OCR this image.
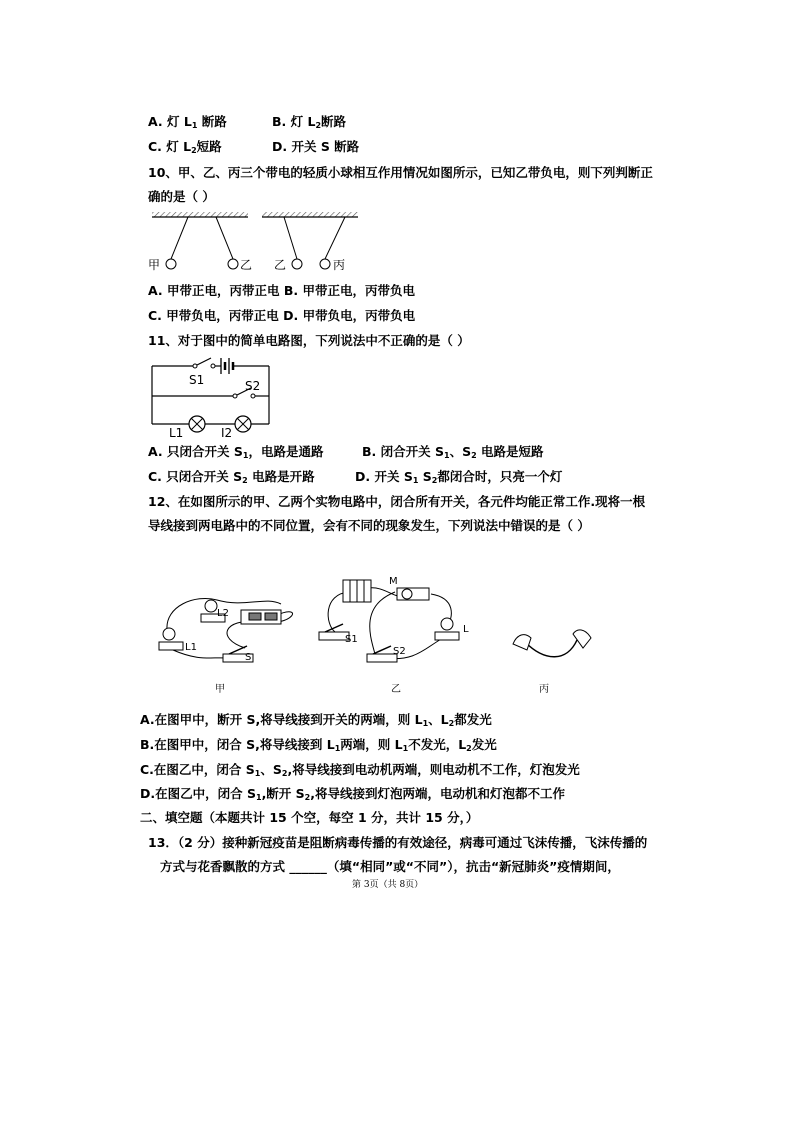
A. 灯 $L_1$ 断路	B. 灯 $L_2$断路
C. 灯 $L_2$短路	D. 开关 S 断路
10、甲、乙、丙三个带电的轻质小球相互作用情况如图所示，已知乙带负电，则下列判断正
确的是（ ）
甲	乙 乙	丙
A. 甲带正电，丙带正电 B. 甲带正电，丙带负电
C. 甲带负电，丙带正电 D. 甲带负电，丙带负电
11、对于图中的简单电路图，下列说法中不正确的是（ ）
S1	S2
L1	I2
A. 只闭合开关 $S_1$，电路是通路	B. 闭合开关 $S_1$、$S_2$ 电路是短路
C. 只闭合开关 $S_2$ 电路是开路	D. 开关 $S_1$ $S_2$都闭合时，只亮一个灯
12、在如图所示的甲、乙两个实物电路中，闭合所有开关，各元件均能正常工作.现将一根
导线接到两电路中的不同位置，会有不同的现象发生，下列说法中错误的是（ ）
L2
L1
S
M
S1
S2
L
甲	乙	丙
A.在图甲中，断开 S,将导线接到开关的两端，则 $L_1$、$L_2$都发光
B.在图甲中，闭合 S,将导线接到 $L_1$两端，则 $L_1$不发光，$L_2$发光
C.在图乙中，闭合 $S_1$、$S_2$,将导线接到电动机两端，则电动机不工作，灯泡发光
D.在图乙中，闭合 $S_1$,断开 $S_2$,将导线接到灯泡两端，电动机和灯泡都不工作
二、填空题（本题共计 15 个空，每空 1 分，共计 15 分，）
13．（2 分）接种新冠疫苗是阻断病毒传播的有效途径，病毒可通过飞沫传播，飞沫传播的
方式与花香飘散的方式 ______（填“相同”或“不同”），抗击“新冠肺炎”疫情期间，
第 3页（共 8页）
